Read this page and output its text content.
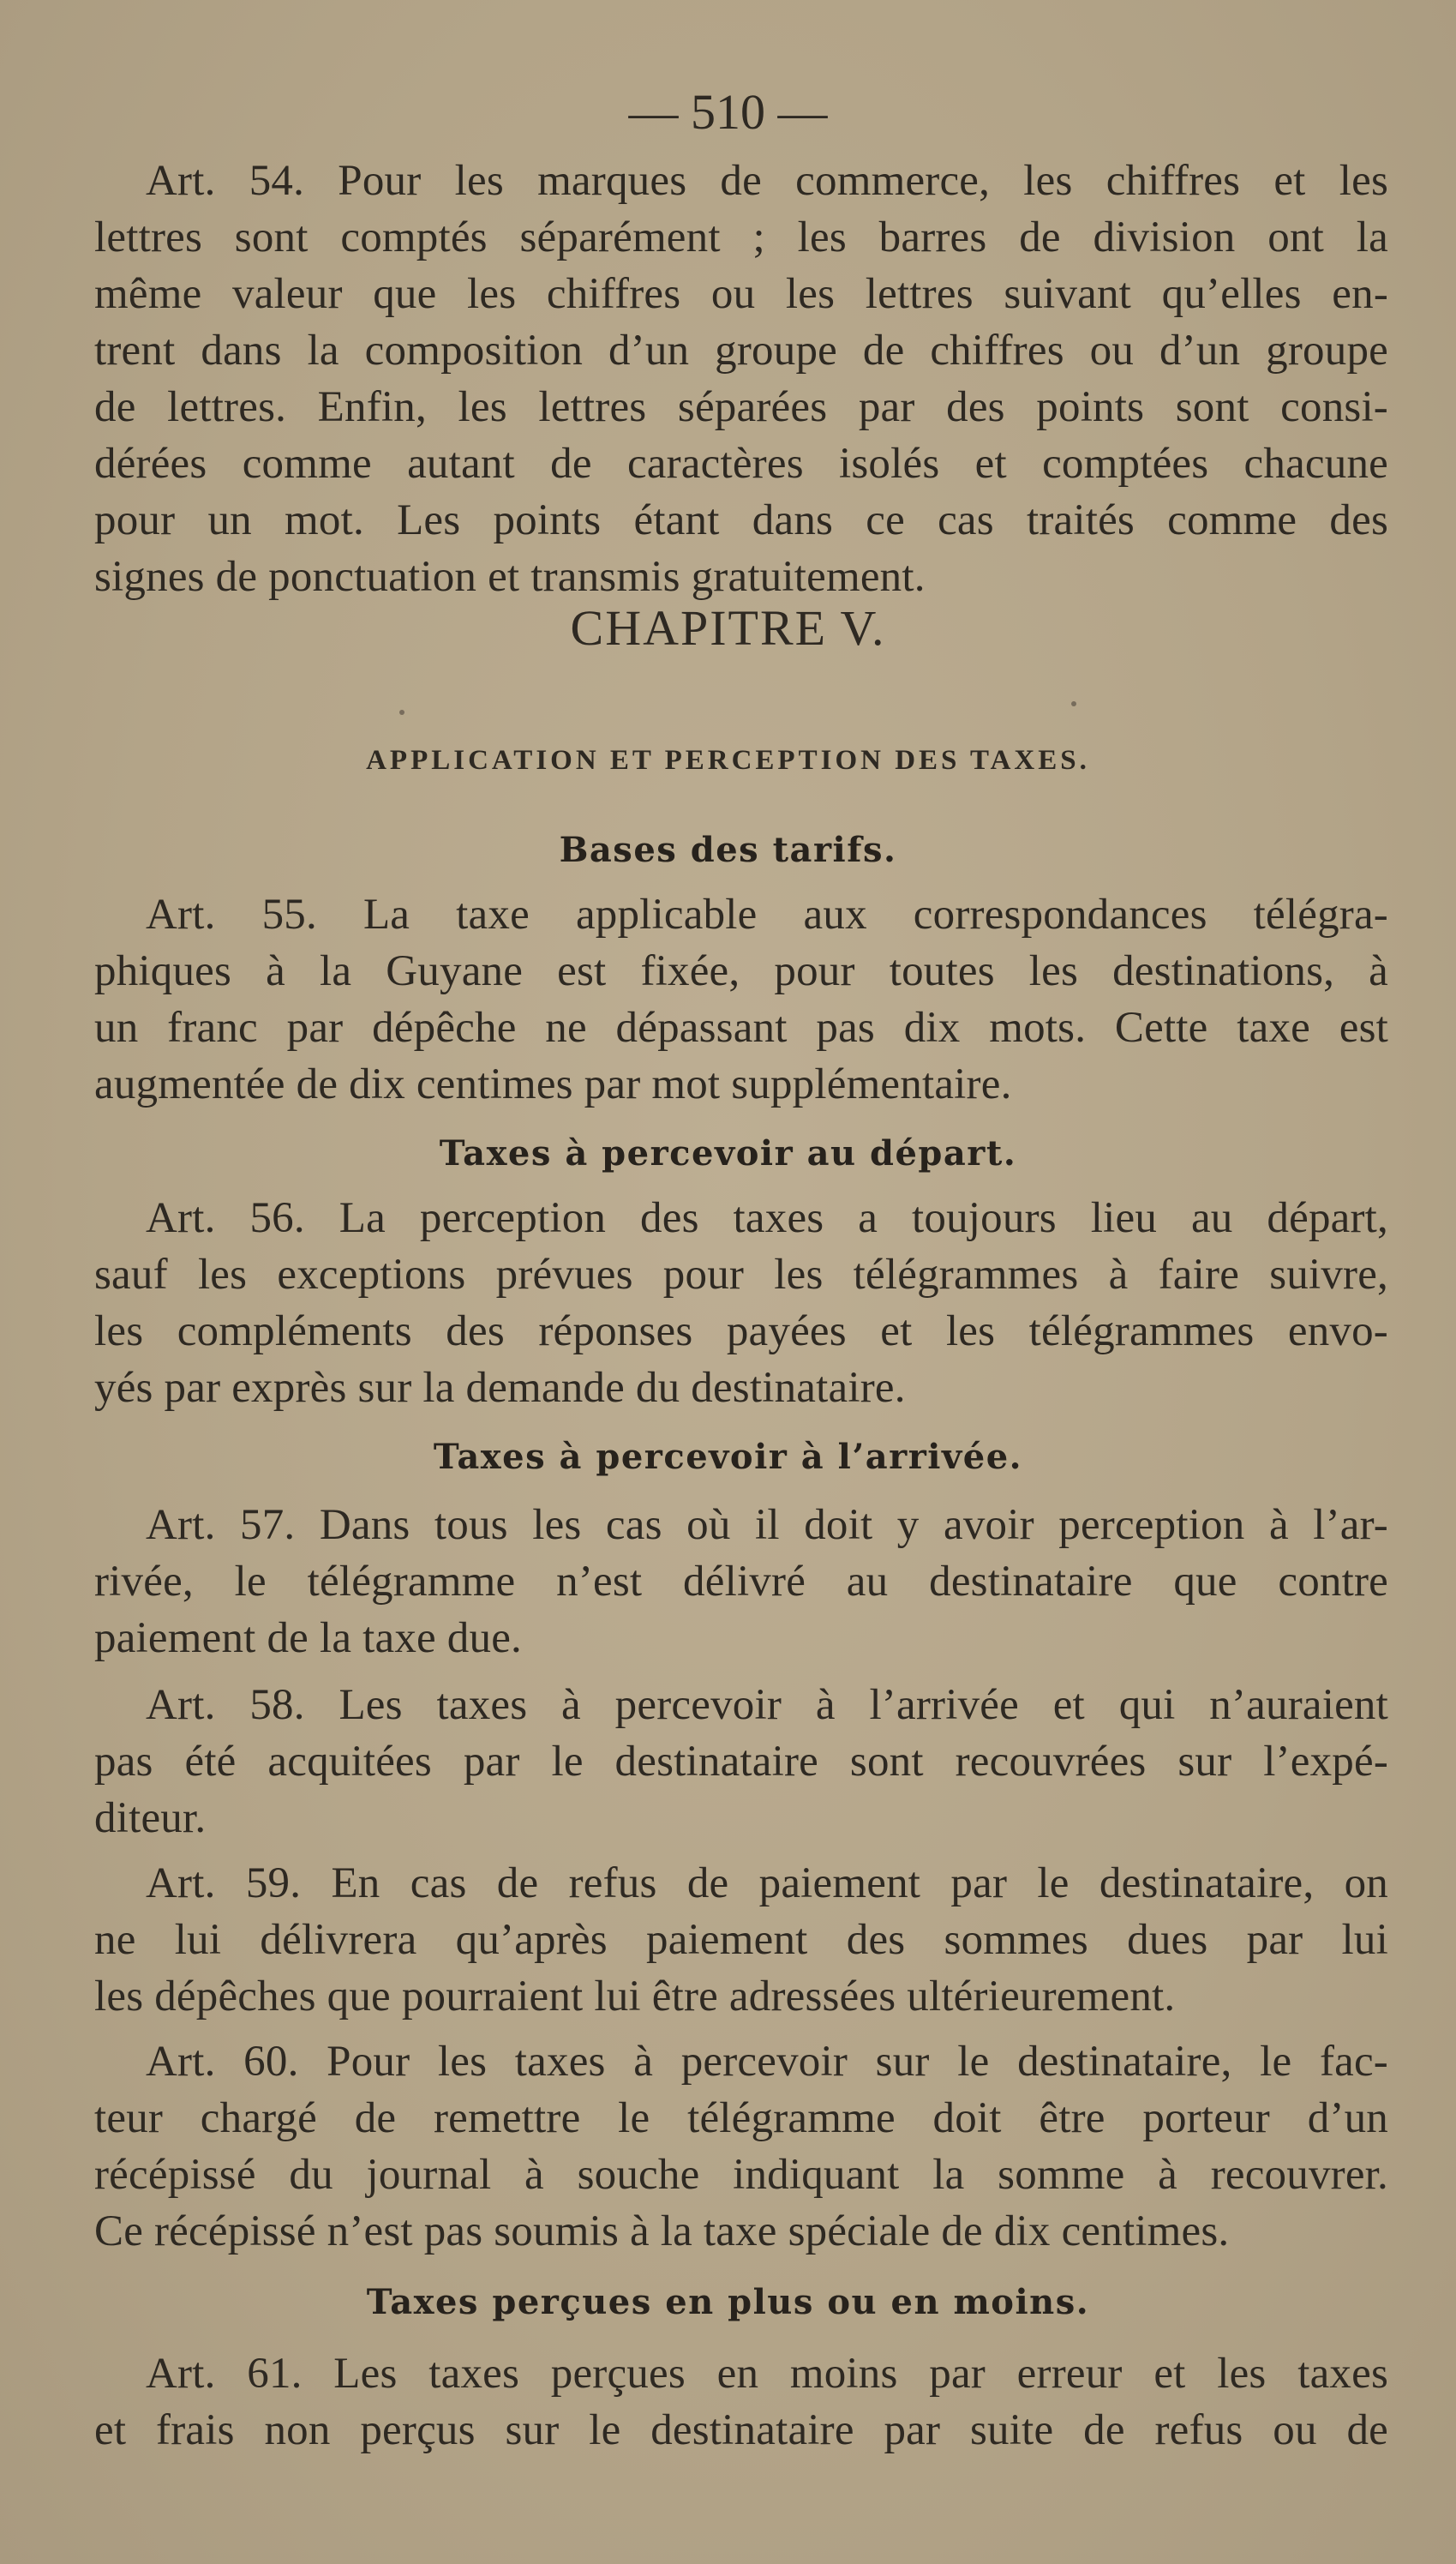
— 510 —
Art. 54. Pour les marques de commerce, les chiffres et les
lettres sont comptés séparément ; les barres de division ont la
même valeur que les chiffres ou les lettres suivant qu’elles en-
trent dans la composition d’un groupe de chiffres ou d’un groupe
de lettres. Enfin, les lettres séparées par des points sont consi-
dérées comme autant de caractères isolés et comptées chacune
pour un mot. Les points étant dans ce cas traités comme des
signes de ponctuation et transmis gratuitement.
CHAPITRE V.
APPLICATION ET PERCEPTION DES TAXES.
Bases des tarifs.
Art. 55. La taxe applicable aux correspondances télégra-
phiques à la Guyane est fixée, pour toutes les destinations, à
un franc par dépêche ne dépassant pas dix mots. Cette taxe est
augmentée de dix centimes par mot supplémentaire.
Taxes à percevoir au départ.
Art. 56. La perception des taxes a toujours lieu au départ,
sauf les exceptions prévues pour les télégrammes à faire suivre,
les compléments des réponses payées et les télégrammes envo-
yés par exprès sur la demande du destinataire.
Taxes à percevoir à l’arrivée.
Art. 57. Dans tous les cas où il doit y avoir perception à l’ar-
rivée, le télégramme n’est délivré au destinataire que contre
paiement de la taxe due.
Art. 58. Les taxes à percevoir à l’arrivée et qui n’auraient
pas été acquitées par le destinataire sont recouvrées sur l’expé-
diteur.
Art. 59. En cas de refus de paiement par le destinataire, on
ne lui délivrera qu’après paiement des sommes dues par lui
les dépêches que pourraient lui être adressées ultérieurement.
Art. 60. Pour les taxes à percevoir sur le destinataire, le fac-
teur chargé de remettre le télégramme doit être porteur d’un
récépissé du journal à souche indiquant la somme à recouvrer.
Ce récépissé n’est pas soumis à la taxe spéciale de dix centimes.
Taxes perçues en plus ou en moins.
Art. 61. Les taxes perçues en moins par erreur et les taxes
et frais non perçus sur le destinataire par suite de refus ou de
